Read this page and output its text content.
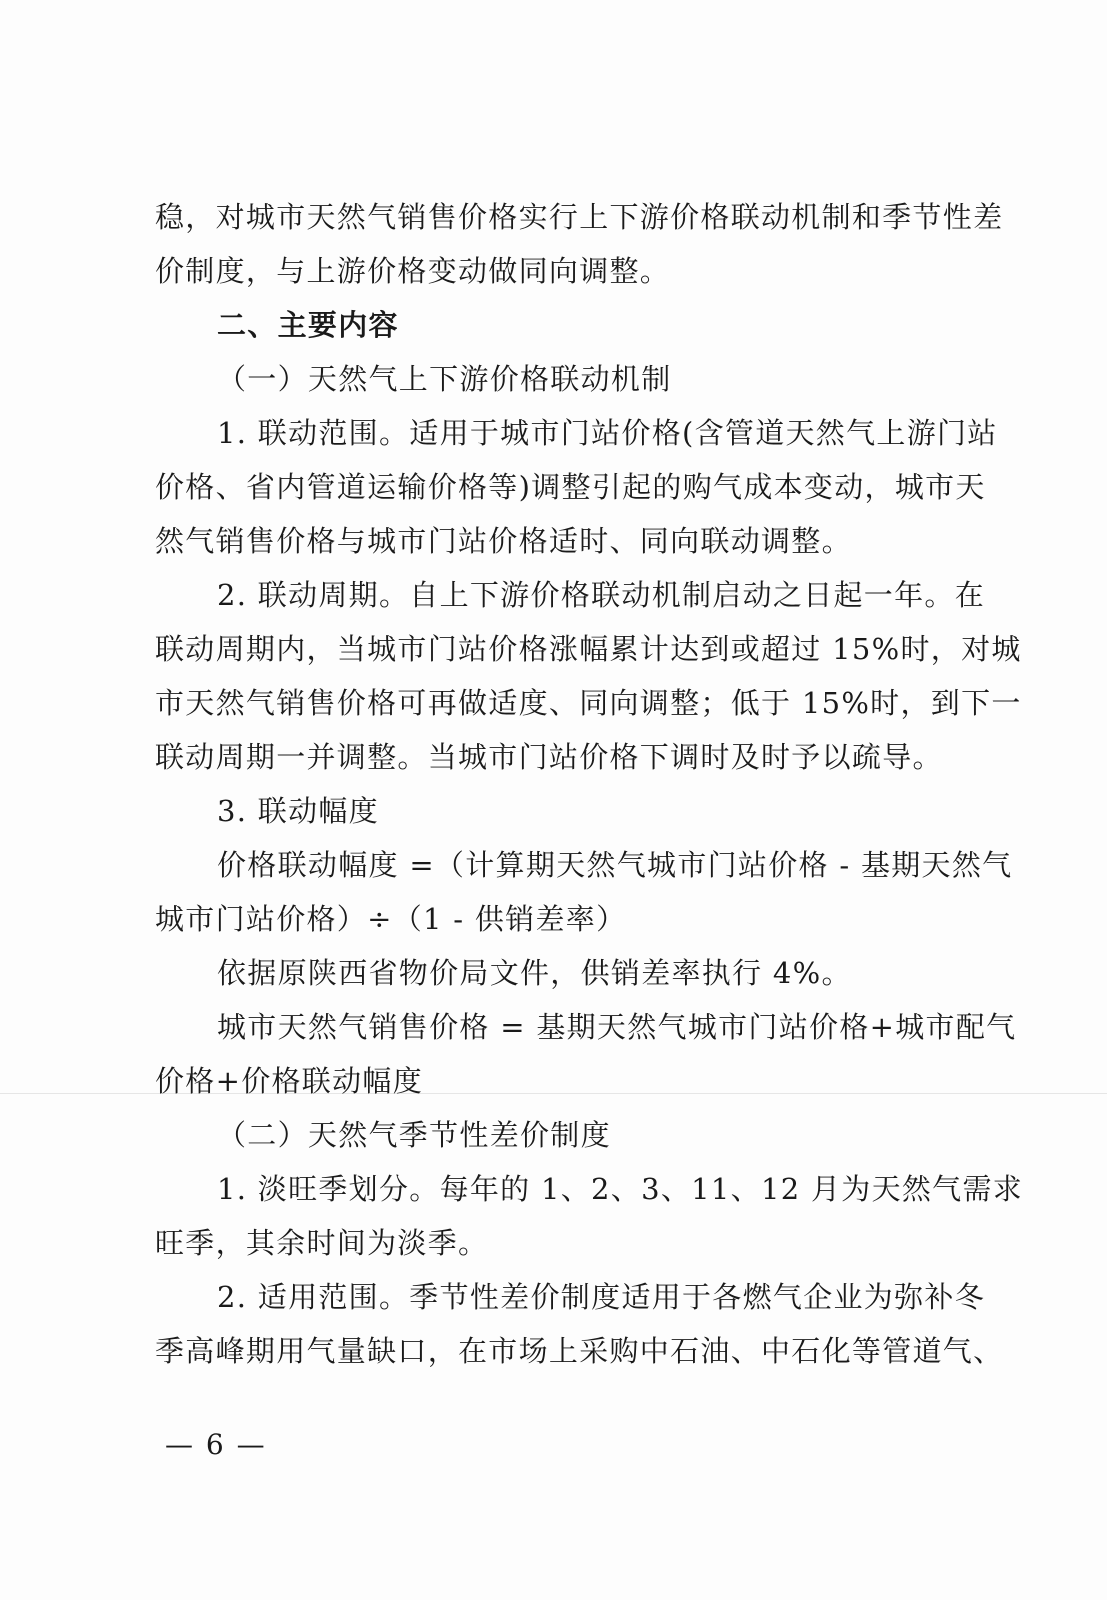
稳，对城市天然气销售价格实行上下游价格联动机制和季节性差
价制度，与上游价格变动做同向调整。
二、主要内容
（一）天然气上下游价格联动机制
1. 联动范围。适用于城市门站价格(含管道天然气上游门站
价格、省内管道运输价格等)调整引起的购气成本变动，城市天
然气销售价格与城市门站价格适时、同向联动调整。
2. 联动周期。自上下游价格联动机制启动之日起一年。在
联动周期内，当城市门站价格涨幅累计达到或超过 15%时，对城
市天然气销售价格可再做适度、同向调整；低于 15%时，到下一
联动周期一并调整。当城市门站价格下调时及时予以疏导。
3. 联动幅度
价格联动幅度 =（计算期天然气城市门站价格 - 基期天然气
城市门站价格）÷（1 - 供销差率）
依据原陕西省物价局文件，供销差率执行 4%。
城市天然气销售价格 = 基期天然气城市门站价格+城市配气
价格+价格联动幅度
（二）天然气季节性差价制度
1. 淡旺季划分。每年的 1、2、3、11、12 月为天然气需求
旺季，其余时间为淡季。
2. 适用范围。季节性差价制度适用于各燃气企业为弥补冬
季高峰期用气量缺口，在市场上采购中石油、中石化等管道气、
— 6 —
